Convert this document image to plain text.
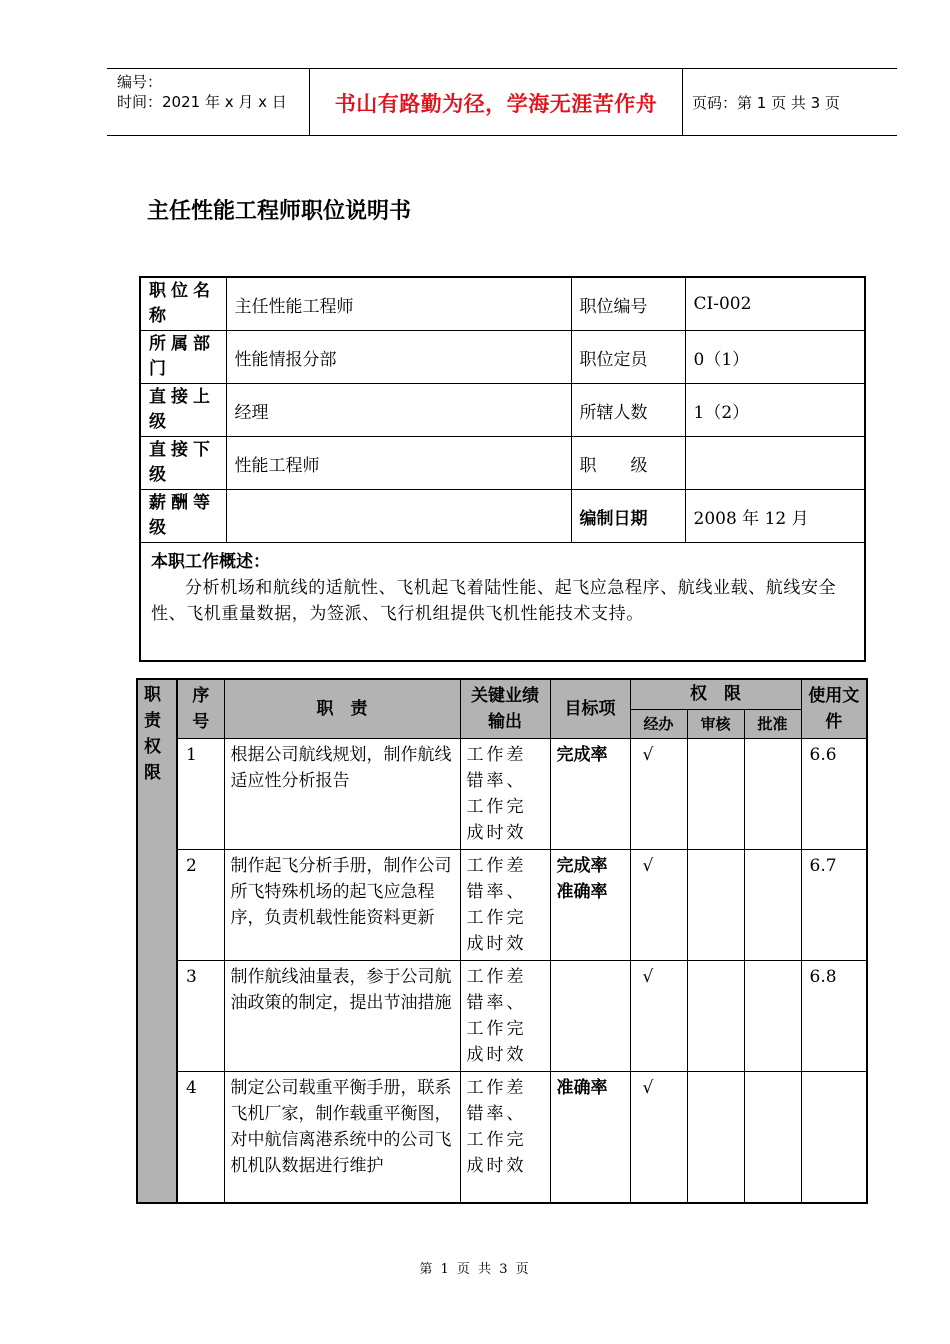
编号：
时间：2021 年 x 月 x 日	书山有路勤为径，学海无涯苦作舟	页码：第 1 页 共 3 页
主任性能工程师职位说明书
职位名称	主任性能工程师	职位编号	CI-002
所属部门	性能情报分部	职位定员	0（1）
直接上级	经理	所辖人数	1（2）
直接下级	性能工程师	职　　级	
薪酬等级		编制日期	2008 年 12 月

本职工作概述：
分析机场和航线的适航性、飞机起飞着陆性能、起飞应急程序、航线业载、航线安全性、飞机重量数据，为签派、飞行机组提供飞机性能技术支持。			
职责权限	序号	职　责	关键业绩输出	目标项	权　限			使用文件
					经办	审核	批准	
	1	根据公司航线规划，制作航线适应性分析报告	工作差错率、工作完成时效	完成率	√			6.6
	2	制作起飞分析手册，制作公司所飞特殊机场的起飞应急程序，负责机载性能资料更新	工作差错率、工作完成时效	完成率准确率	√			6.7
	3	制作航线油量表，参于公司航油政策的制定，提出节油措施	工作差错率、工作完成时效		√			6.8
	4	制定公司载重平衡手册，联系飞机厂家，制作载重平衡图，对中航信离港系统中的公司飞机机队数据进行维护	工作差错率、工作完成时效	准确率	√			
第 1 页 共 3 页
